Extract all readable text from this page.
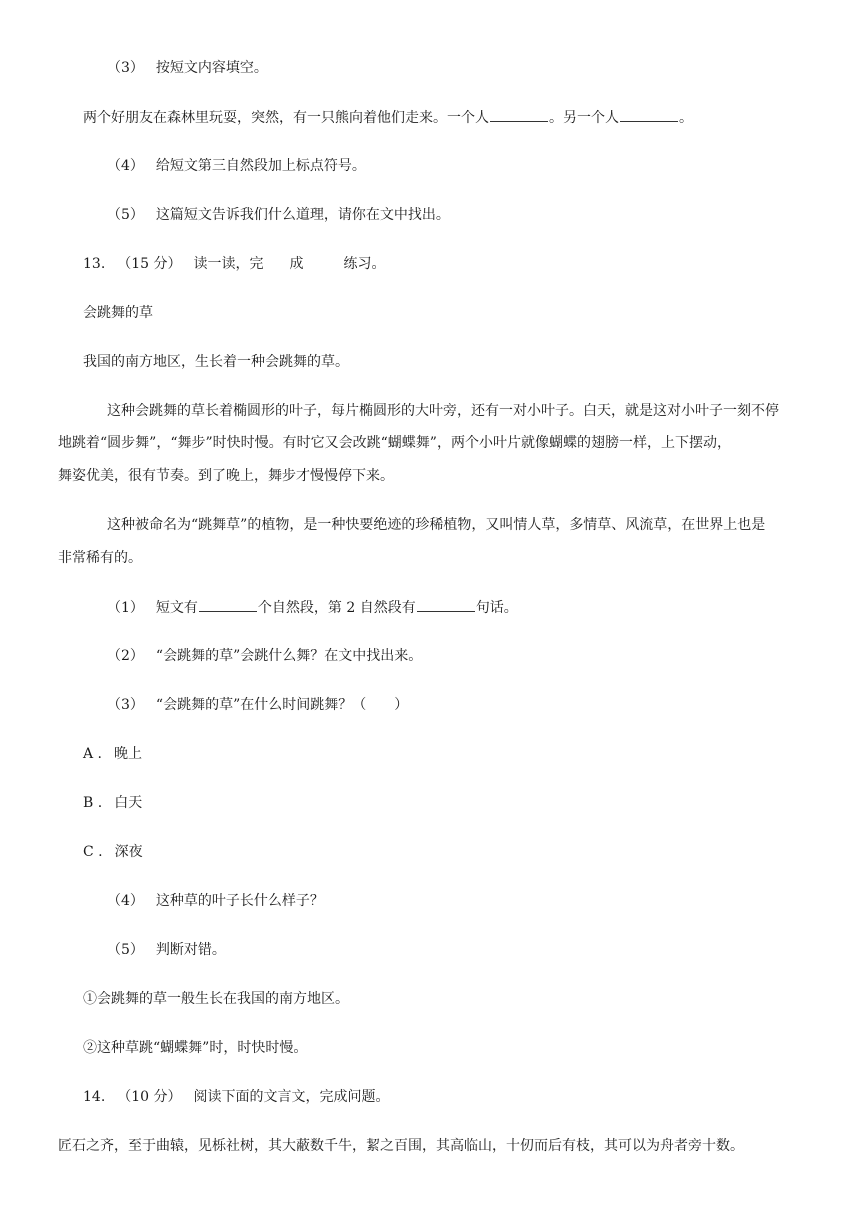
（3） 按短文内容填空。
两个好朋友在森林里玩耍，突然，有一只熊向着他们走来。一个人	。另一个人	。
（4） 给短文第三自然段加上标点符号。
（5） 这篇短文告诉我们什么道理，请你在文中找出。
13. （15 分） 读一读，完 成	练习。
会跳舞的草
我国的南方地区，生长着一种会跳舞的草。
这种会跳舞的草长着椭圆形的叶子，每片椭圆形的大叶旁，还有一对小叶子。白天，就是这对小叶子一刻不停
地跳着“圆步舞”，“舞步”时快时慢。有时它又会改跳“蝴蝶舞”，两个小叶片就像蝴蝶的翅膀一样，上下摆动，
舞姿优美，很有节奏。到了晚上，舞步才慢慢停下来。
这种被命名为“跳舞草”的植物，是一种快要绝迹的珍稀植物，又叫情人草，多情草、风流草，在世界上也是
非常稀有的。
（1） 短文有	个自然段，第 2 自然段有	句话。
（2） “会跳舞的草”会跳什么舞？在文中找出来。
（3） “会跳舞的草”在什么时间跳舞？（　　）
A . 晚上
B . 白天
C . 深夜
（4） 这种草的叶子长什么样子？
（5） 判断对错。
①会跳舞的草一般生长在我国的南方地区。
②这种草跳“蝴蝶舞”时，时快时慢。
14. （10 分） 阅读下面的文言文，完成问题。
匠石之齐，至于曲辕，见栎社树，其大蔽数千牛，絜之百围，其高临山，十仞而后有枝，其可以为舟者旁十数。
